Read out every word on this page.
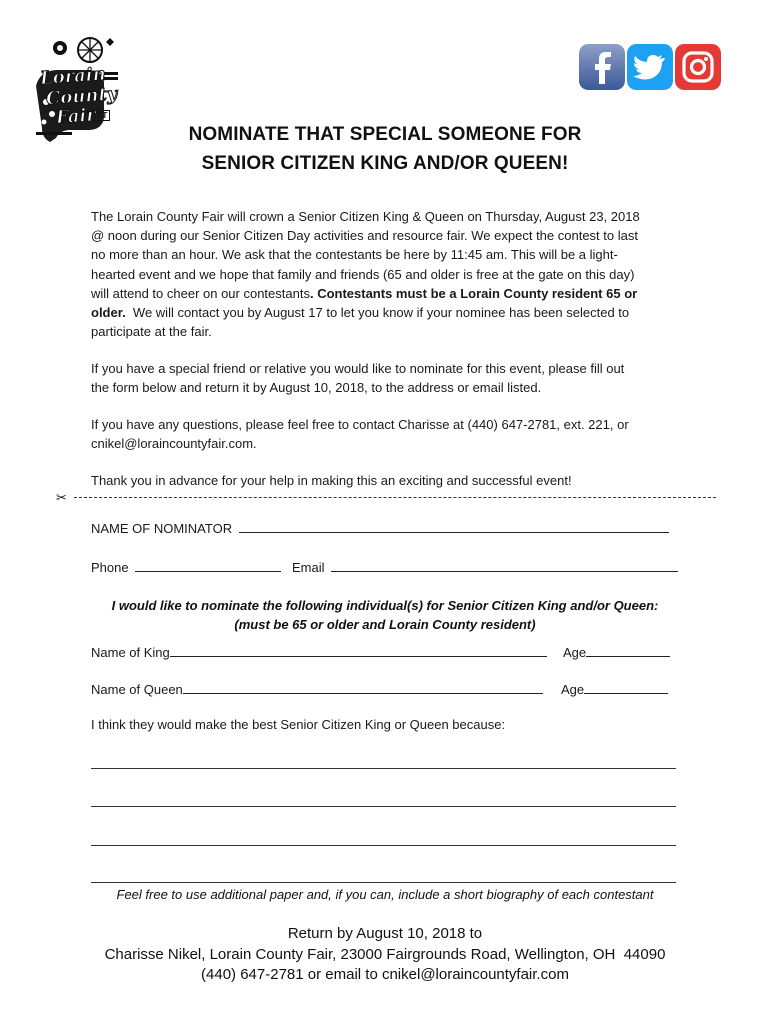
Lorain
County
Fair ST
NOMINATE THAT SPECIAL SOMEONE FOR
SENIOR CITIZEN KING AND/OR QUEEN!
The Lorain County Fair will crown a Senior Citizen King & Queen on Thursday, August 23, 2018
@ noon during our Senior Citizen Day activities and resource fair. We expect the contest to last
no more than an hour. We ask that the contestants be here by 11:45 am. This will be a light-
hearted event and we hope that family and friends (65 and older is free at the gate on this day)
will attend to cheer on our contestants. Contestants must be a Lorain County resident 65 or
older.  We will contact you by August 17 to let you know if your nominee has been selected to
participate at the fair.
If you have a special friend or relative you would like to nominate for this event, please fill out
the form below and return it by August 10, 2018, to the address or email listed.
If you have any questions, please feel free to contact Charisse at (440) 647-2781, ext. 221, or
cnikel@loraincountyfair.com.
Thank you in advance for your help in making this an exciting and successful event!
✂
NAME OF NOMINATOR
Phone	Email
I would like to nominate the following individual(s) for Senior Citizen King and/or Queen:
(must be 65 or older and Lorain County resident)
Name of King	Age
Name of Queen	Age
I think they would make the best Senior Citizen King or Queen because:
Feel free to use additional paper and, if you can, include a short biography of each contestant
Return by August 10, 2018 to
Charisse Nikel, Lorain County Fair, 23000 Fairgrounds Road, Wellington, OH  44090
(440) 647-2781 or email to cnikel@loraincountyfair.com
